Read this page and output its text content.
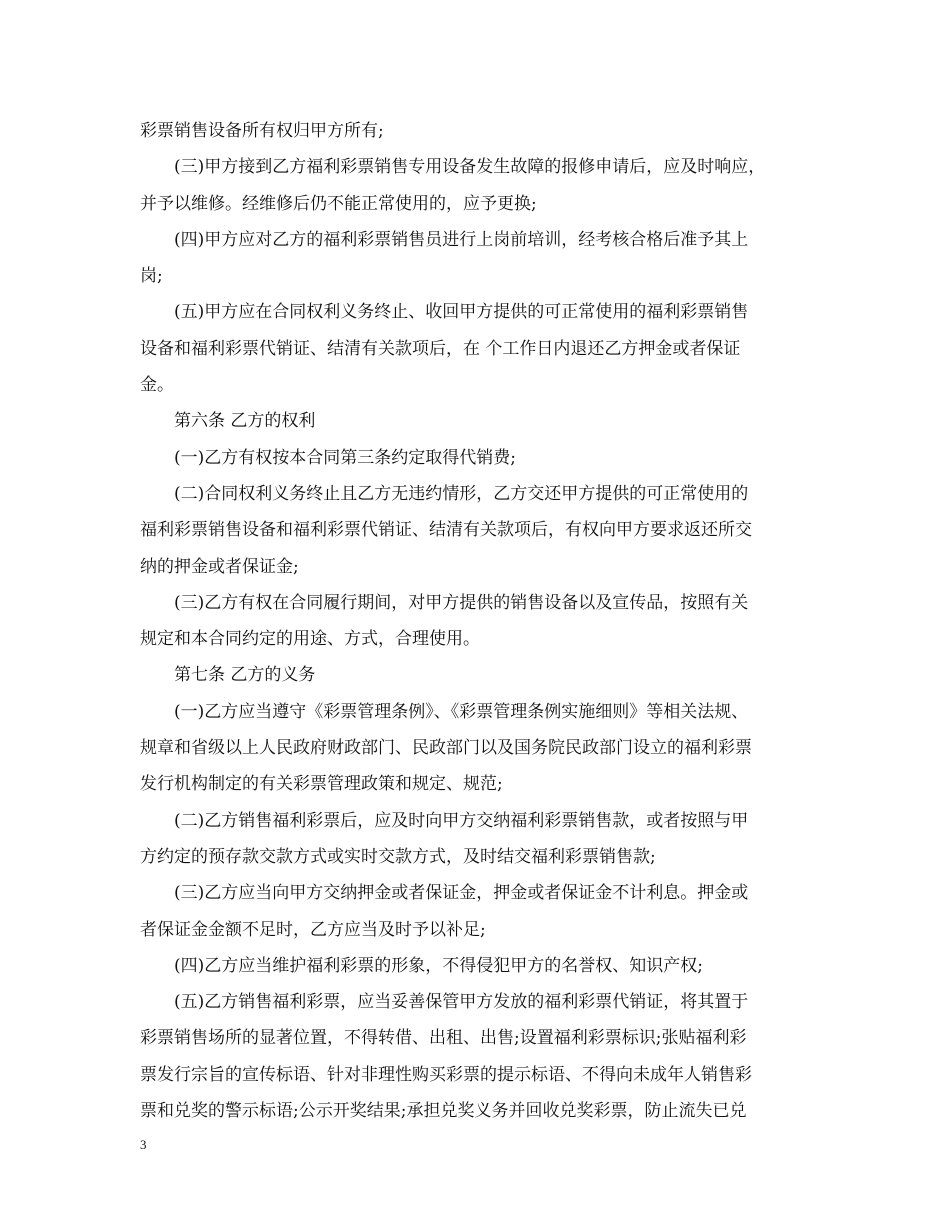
彩票销售设备所有权归甲方所有;
(三)甲方接到乙方福利彩票销售专用设备发生故障的报修申请后，应及时响应，
并予以维修。经维修后仍不能正常使用的，应予更换;
(四)甲方应对乙方的福利彩票销售员进行上岗前培训，经考核合格后准予其上
岗;
(五)甲方应在合同权利义务终止、收回甲方提供的可正常使用的福利彩票销售
设备和福利彩票代销证、结清有关款项后，在 个工作日内退还乙方押金或者保证
金。
第六条 乙方的权利
(一)乙方有权按本合同第三条约定取得代销费;
(二)合同权利义务终止且乙方无违约情形，乙方交还甲方提供的可正常使用的
福利彩票销售设备和福利彩票代销证、结清有关款项后，有权向甲方要求返还所交
纳的押金或者保证金;
(三)乙方有权在合同履行期间，对甲方提供的销售设备以及宣传品，按照有关
规定和本合同约定的用途、方式，合理使用。
第七条 乙方的义务
(一)乙方应当遵守《彩票管理条例》、《彩票管理条例实施细则》等相关法规、
规章和省级以上人民政府财政部门、民政部门以及国务院民政部门设立的福利彩票
发行机构制定的有关彩票管理政策和规定、规范;
(二)乙方销售福利彩票后，应及时向甲方交纳福利彩票销售款，或者按照与甲
方约定的预存款交款方式或实时交款方式，及时结交福利彩票销售款;
(三)乙方应当向甲方交纳押金或者保证金，押金或者保证金不计利息。押金或
者保证金金额不足时，乙方应当及时予以补足;
(四)乙方应当维护福利彩票的形象，不得侵犯甲方的名誉权、知识产权;
(五)乙方销售福利彩票，应当妥善保管甲方发放的福利彩票代销证，将其置于
彩票销售场所的显著位置，不得转借、出租、出售;设置福利彩票标识;张贴福利彩
票发行宗旨的宣传标语、针对非理性购买彩票的提示标语、不得向未成年人销售彩
票和兑奖的警示标语;公示开奖结果;承担兑奖义务并回收兑奖彩票，防止流失已兑
3
